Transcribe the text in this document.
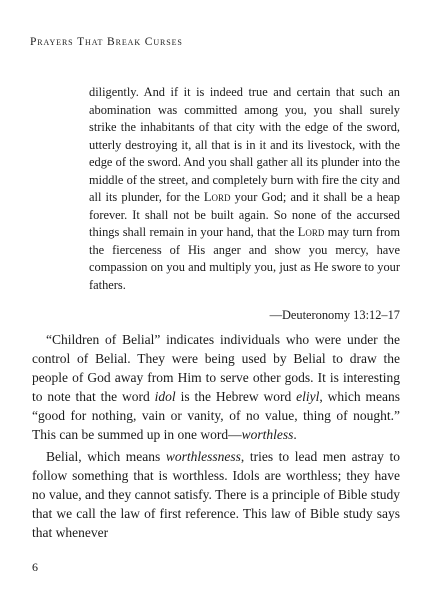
Prayers That Break Curses

diligently. And if it is indeed true and certain that such an abomination was committed among you, you shall surely strike the inhabitants of that city with the edge of the sword, utterly destroying it, all that is in it and its livestock, with the edge of the sword. And you shall gather all its plunder into the middle of the street, and completely burn with fire the city and all its plunder, for the Lord your God; and it shall be a heap forever. It shall not be built again. So none of the accursed things shall remain in your hand, that the Lord may turn from the fierceness of His anger and show you mercy, have compassion on you and multiply you, just as He swore to your fathers.

—Deuteronomy 13:12–17

“Children of Belial” indicates individuals who were under the control of Belial. They were being used by Belial to draw the people of God away from Him to serve other gods. It is interesting to note that the word idol is the Hebrew word eliyl, which means “good for nothing, vain or vanity, of no value, thing of nought.” This can be summed up in one word—worthless.

Belial, which means worthlessness, tries to lead men astray to follow something that is worthless. Idols are worthless; they have no value, and they cannot satisfy. There is a principle of Bible study that we call the law of first reference. This law of Bible study says that whenever

6
